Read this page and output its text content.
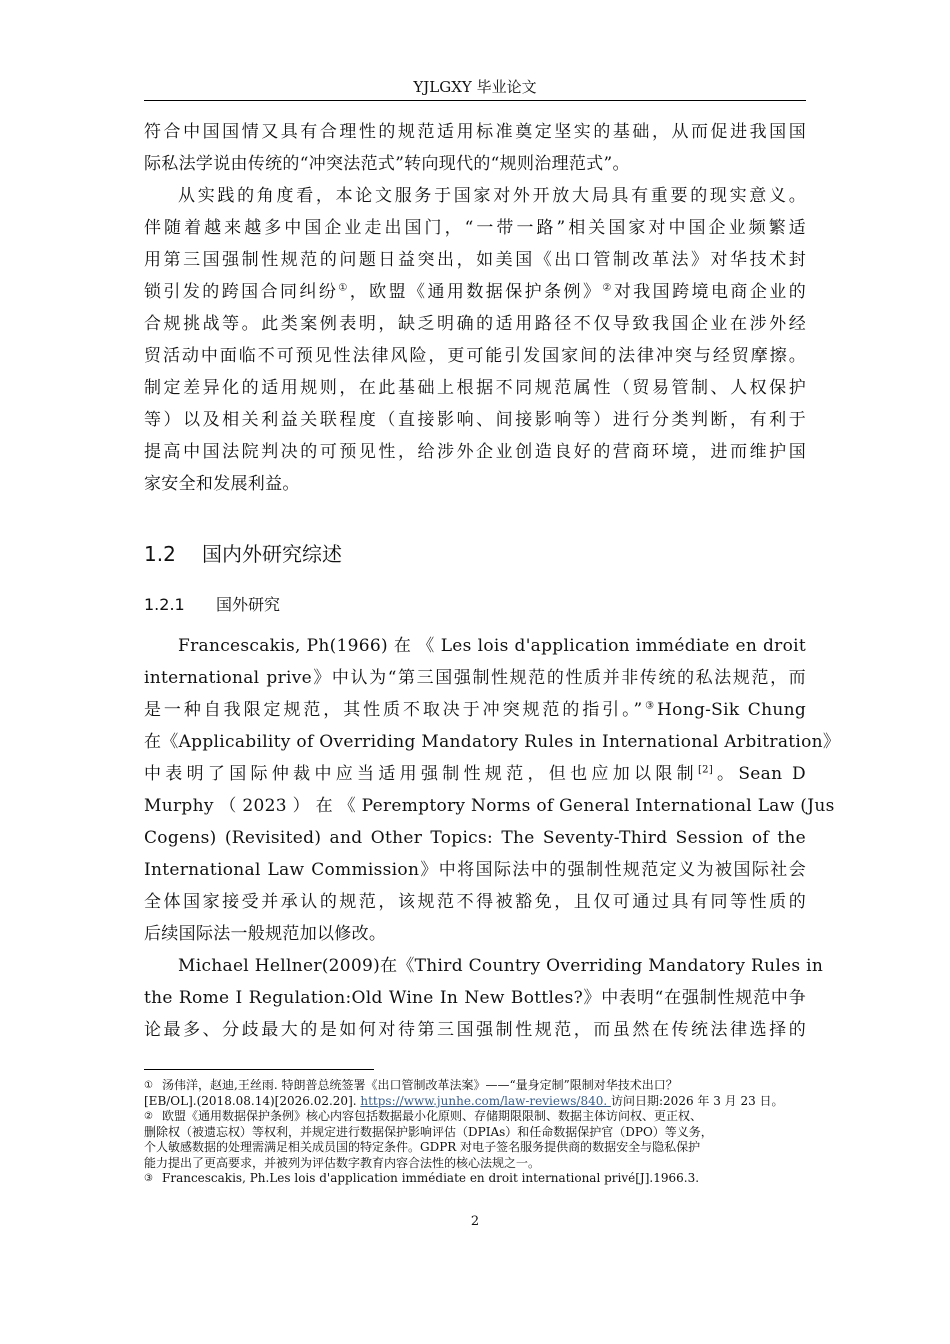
YJLGXY 毕业论文
符合中国国情又具有合理性的规范适用标准奠定坚实的基础，从而促进我国国
际私法学说由传统的“冲突法范式”转向现代的“规则治理范式”。
从实践的角度看，本论文服务于国家对外开放大局具有重要的现实意义。
伴随着越来越多中国企业走出国门，“一带一路”相关国家对中国企业频繁适
用第三国强制性规范的问题日益突出，如美国《出口管制改革法》对华技术封
锁引发的跨国合同纠纷①，欧盟《通用数据保护条例》②对我国跨境电商企业的
合规挑战等。此类案例表明，缺乏明确的适用路径不仅导致我国企业在涉外经
贸活动中面临不可预见性法律风险，更可能引发国家间的法律冲突与经贸摩擦。
制定差异化的适用规则，在此基础上根据不同规范属性（贸易管制、人权保护
等）以及相关利益关联程度（直接影响、间接影响等）进行分类判断，有利于
提高中国法院判决的可预见性，给涉外企业创造良好的营商环境，进而维护国
家安全和发展利益。
1.2 国内外研究综述
1.2.1 国外研究
Francescakis, Ph(1966) 在 《 Les lois d'application immédiate en droit
international prive》中认为“第三国强制性规范的性质并非传统的私法规范，而
是一种自我限定规范，其性质不取决于冲突规范的指引。”③Hong-Sik Chung
在《Applicability of Overriding Mandatory Rules in International Arbitration》
中表明了国际仲裁中应当适用强制性规范，但也应加以限制[2]。Sean D
Murphy （ 2023 ） 在 《 Peremptory Norms of General International Law (Jus
Cogens) (Revisited) and Other Topics: The Seventy-Third Session of the
International Law Commission》中将国际法中的强制性规范定义为被国际社会
全体国家接受并承认的规范，该规范不得被豁免，且仅可通过具有同等性质的
后续国际法一般规范加以修改。
Michael Hellner(2009)在《Third Country Overriding Mandatory Rules in
the Rome I Regulation:Old Wine In New Bottles?》中表明“在强制性规范中争
论最多、分歧最大的是如何对待第三国强制性规范，而虽然在传统法律选择的

① 汤伟洋，赵迪,王丝雨. 特朗普总统签署《出口管制改革法案》——“量身定制”限制对华技术出口？
[EB/OL].(2018.08.14)[2026.02.20]. https://www.junhe.com/law-reviews/840. 访问日期:2026 年 3 月 23 日。

② 欧盟《通用数据保护条例》核心内容包括数据最小化原则、存储期限限制、数据主体访问权、更正权、
删除权（被遗忘权）等权利，并规定进行数据保护影响评估（DPIAs）和任命数据保护官（DPO）等义务，
个人敏感数据的处理需满足相关成员国的特定条件。GDPR 对电子签名服务提供商的数据安全与隐私保护
能力提出了更高要求，并被列为评估数字教育内容合法性的核心法规之一。

③ Francescakis, Ph.Les lois d'application immédiate en droit international privé[J].1966.3.

2
